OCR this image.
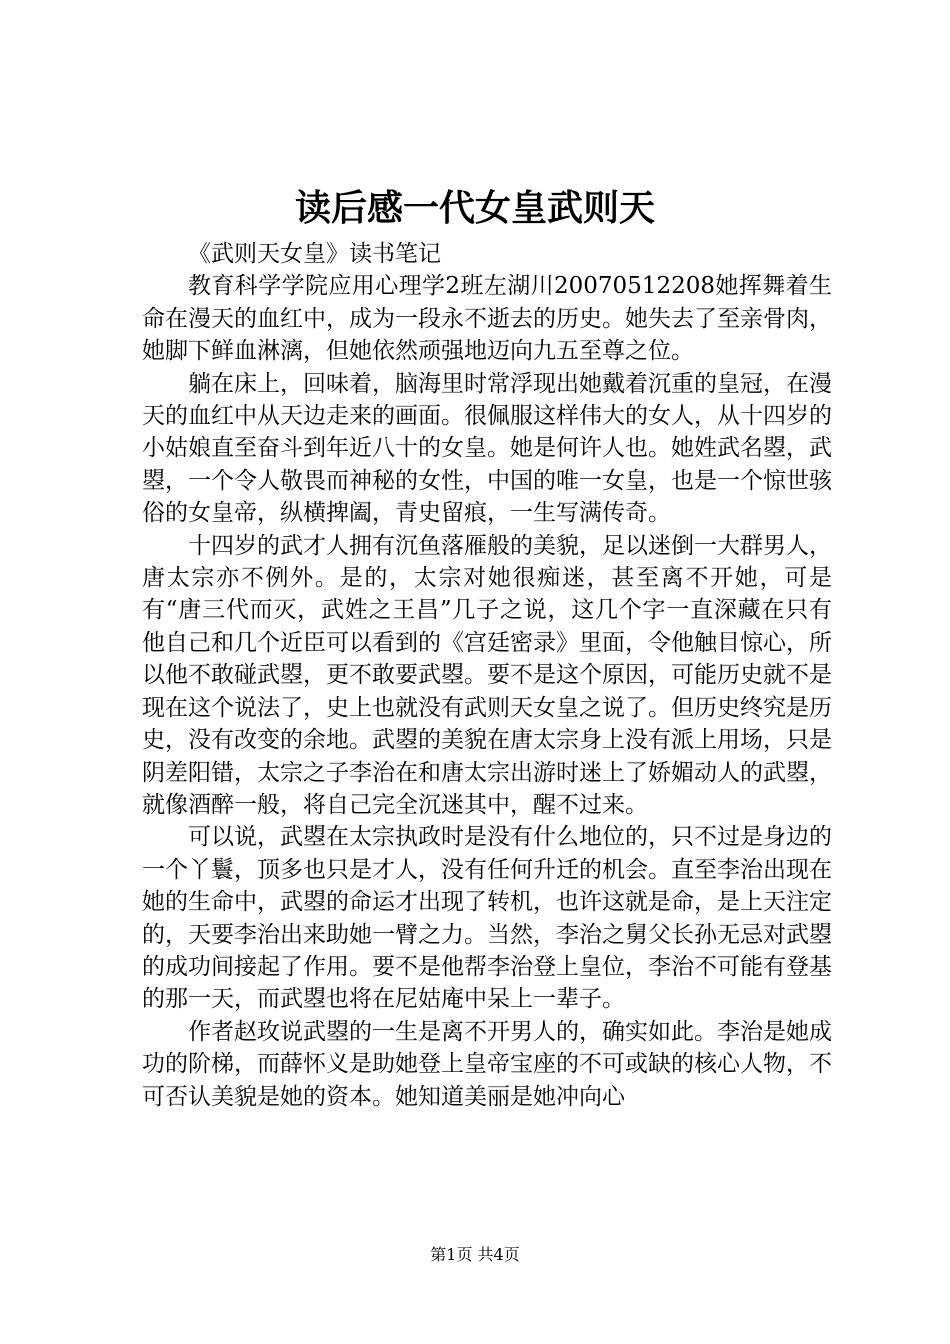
读后感一代女皇武则天

《武则天女皇》读书笔记

教育科学学院应用心理学2班左湖川20070512208她挥舞着生命在漫天的血红中，成为一段永不逝去的历史。她失去了至亲骨肉，她脚下鲜血淋漓，但她依然顽强地迈向九五至尊之位。

躺在床上，回味着，脑海里时常浮现出她戴着沉重的皇冠，在漫天的血红中从天边走来的画面。很佩服这样伟大的女人，从十四岁的小姑娘直至奋斗到年近八十的女皇。她是何许人也。她姓武名曌，武曌，一个令人敬畏而神秘的女性，中国的唯一女皇，也是一个惊世骇俗的女皇帝，纵横捭阖，青史留痕，一生写满传奇。

十四岁的武才人拥有沉鱼落雁般的美貌，足以迷倒一大群男人，唐太宗亦不例外。是的，太宗对她很痴迷，甚至离不开她，可是有“唐三代而灭，武姓之王昌”几子之说，这几个字一直深藏在只有他自己和几个近臣可以看到的《宫廷密录》里面，令他触目惊心，所以他不敢碰武曌，更不敢要武曌。要不是这个原因，可能历史就不是现在这个说法了，史上也就没有武则天女皇之说了。但历史终究是历史，没有改变的余地。武曌的美貌在唐太宗身上没有派上用场，只是阴差阳错，太宗之子李治在和唐太宗出游时迷上了娇媚动人的武曌，就像酒醉一般，将自己完全沉迷其中，醒不过来。

可以说，武曌在太宗执政时是没有什么地位的，只不过是身边的一个丫鬟，顶多也只是才人，没有任何升迁的机会。直至李治出现在她的生命中，武曌的命运才出现了转机，也许这就是命，是上天注定的，天要李治出来助她一臂之力。当然，李治之舅父长孙无忌对武曌的成功间接起了作用。要不是他帮李治登上皇位，李治不可能有登基的那一天，而武曌也将在尼姑庵中呆上一辈子。

作者赵玫说武曌的一生是离不开男人的，确实如此。李治是她成功的阶梯，而薛怀义是助她登上皇帝宝座的不可或缺的核心人物，不可否认美貌是她的资本。她知道美丽是她冲向心

第1页 共4页
